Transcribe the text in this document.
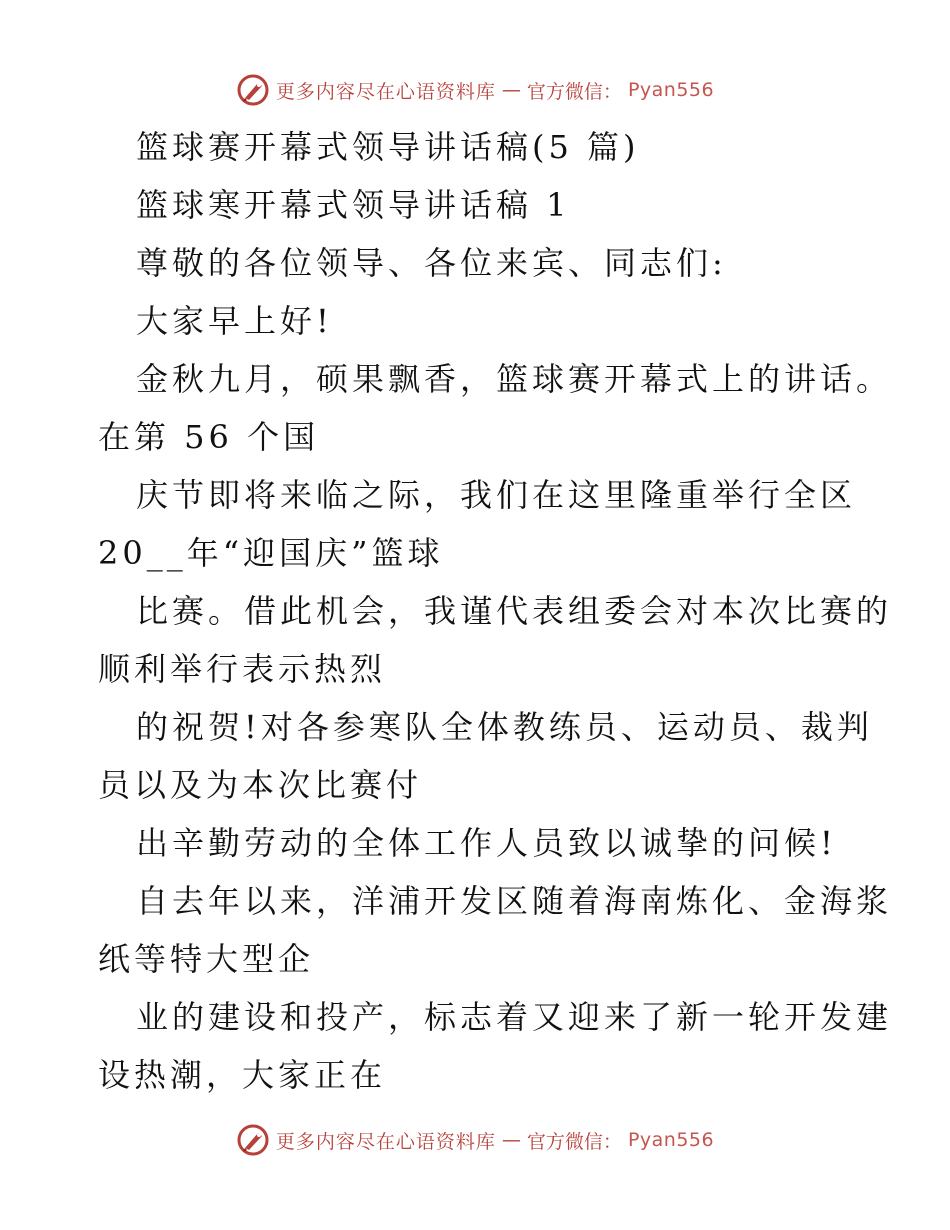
更多内容尽在心语资料库 — 官方微信： Pyan556
篮球赛开幕式领导讲话稿(5 篇)
篮球寒开幕式领导讲话稿 1
尊敬的各位领导、各位来宾、同志们:
大家早上好!
金秋九月，硕果飘香，篮球赛开幕式上的讲话。
在第 56 个国
庆节即将来临之际，我们在这里隆重举行全区
20__年“迎国庆”篮球
比赛。借此机会，我谨代表组委会对本次比赛的
顺利举行表示热烈
的祝贺!对各参寒队全体教练员、运动员、裁判
员以及为本次比赛付
出辛勤劳动的全体工作人员致以诚挚的问候!
自去年以来，洋浦开发区随着海南炼化、金海浆
纸等特大型企
业的建设和投产，标志着又迎来了新一轮开发建
设热潮，大家正在
更多内容尽在心语资料库 — 官方微信： Pyan556
